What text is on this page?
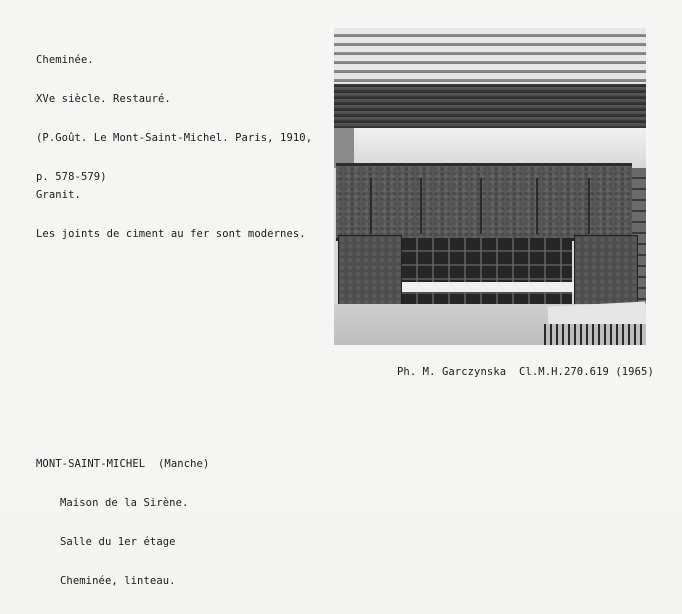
Cheminée.

XVe siècle. Restauré.

(P.Goût. Le Mont-Saint-Michel. Paris, 1910,

p. 578-579)

Granit.

Les joints de ciment au fer sont modernes.

Ph. M. Garczynska  Cl.M.H.270.619 (1965)

MONT-SAINT-MICHEL  (Manche)

Maison de la Sirène.

Salle du 1er étage

Cheminée, linteau.
